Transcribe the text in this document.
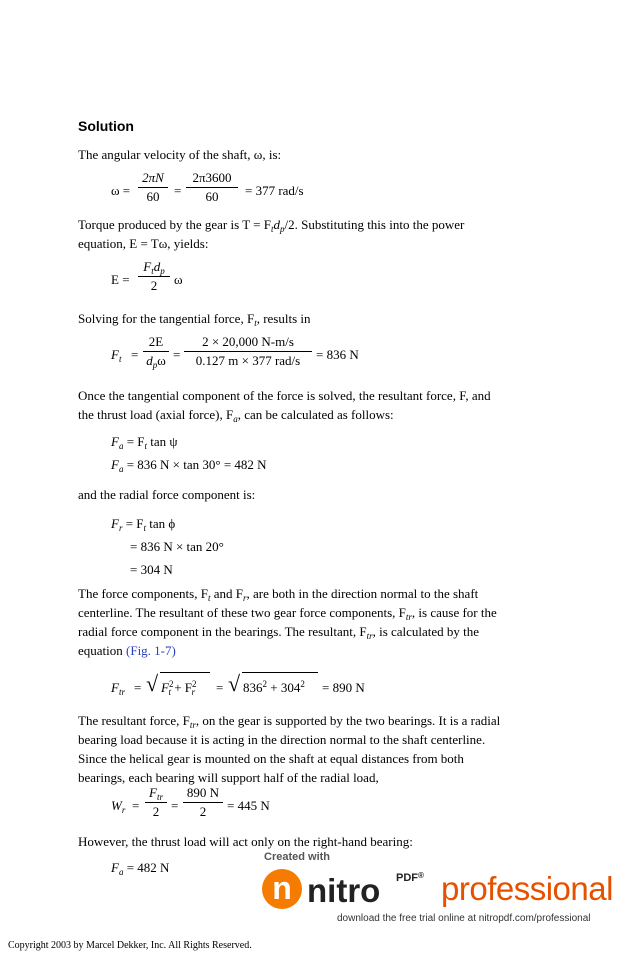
Solution
The angular velocity of the shaft, ω, is:
$\omega = \frac{2\pi N}{60} = \frac{2\pi 3600}{60} = 377$ rad/s
Torque produced by the gear is $T = F_td_p/2$. Substituting this into the power
equation, E = Tω, yields:
E =
$F_td_p$
2	ω
Solving for the tangential force, $F_t$, results in
$F_t$ =
2E
$d_p\omega$ =
2 × 20,000 N-m/s
0.127 m × 377 rad/s	= 836 N
Once the tangential component of the force is solved, the resultant force, F, and
the thrust load (axial force), $F_a$, can be calculated as follows:
$F_a = F_t$ tan ψ
$F_a = 836$ N × tan 30° = 482 N
and the radial force component is:
$F_r = F_t$ tan ϕ
= 836 N × tan 20°
= 304 N
The force components, $F_t$ and $F_r$, are both in the direction normal to the shaft
centerline. The resultant of these two gear force components, $F_{tr}$, is cause for the
radial force component in the bearings. The resultant, $F_{tr}$, is calculated by the
equation (Fig. 1-7)
$F_{tr}$ = √ $F^2_t + F^2_r$ = √ $836^2 + 304^2 = 890$ N
The resultant force, $F_{tr}$, on the gear is supported by the two bearings. It is a radial
bearing load because it is acting in the direction normal to the shaft centerline.
Since the helical gear is mounted on the shaft at equal distances from both
bearings, each bearing will support half of the radial load,
$W_r$ =
$F_{tr}$
$2 = \frac{890 N}{2} = 445$ N
However, the thrust load will act only on the right-hand bearing:
$F_a = 482$ N
Created with
n nitro PDF® professional
download the free trial online at nitropdf.com/professional
Copyright 2003 by Marcel Dekker, Inc. All Rights Reserved.
